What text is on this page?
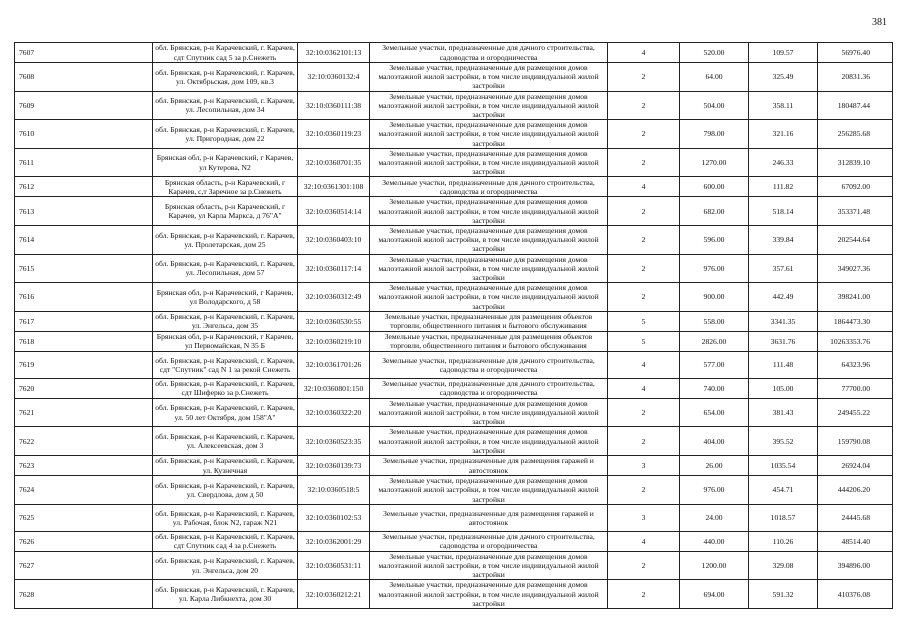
381
7607	обл. Брянская, р-н Карачевский, г. Карачев, сдт Спутник сад 5 за р.Снежеть	32:10:0362101:13	Земельные участки, предназначенные для дачного строительства, садоводства и огородничества	4	520.00	109.57	56976.40
7608	обл. Брянская, р-н Карачевский, г. Карачев, ул. Октябрьская, дом 109, кв.3	32:10:0360132:4	Земельные участки, предназначенные для размещения домов малоэтажной жилой застройки, в том числе индивидуальной жилой застройки	2	64.00	325.49	20831.36
7609	обл. Брянская, р-н Карачевский, г. Карачев, ул. Лесопильная, дом 34	32:10:0360111:38	Земельные участки, предназначенные для размещения домов малоэтажной жилой застройки, в том числе индивидуальной жилой застройки	2	504.00	358.11	180487.44
7610	обл. Брянская, р-н Карачевский, г. Карачев, ул. Пригородная, дом 22	32:10:0360119:23	Земельные участки, предназначенные для размещения домов малоэтажной жилой застройки, в том числе индивидуальной жилой застройки	2	798.00	321.16	256285.68
7611	Брянская обл, р-н Карачевский, г Карачев, ул Кутерова, N2	32:10:0360701:35	Земельные участки, предназначенные для размещения домов малоэтажной жилой застройки, в том числе индивидуальной жилой застройки	2	1270.00	246.33	312839.10
7612	Брянская область, р-н Карачевский, г Карачев, с,т Заречное за р.Снежеть	32:10:0361301:108	Земельные участки, предназначенные для дачного строительства, садоводства и огородничества	4	600.00	111.82	67092.00
7613	Брянская область, р-н Карачевский, г Карачев, ул Карла Маркса, д 76"А"	32:10:0360514:14	Земельные участки, предназначенные для размещения домов малоэтажной жилой застройки, в том числе индивидуальной жилой застройки	2	682.00	518.14	353371.48
7614	обл. Брянская, р-н Карачевский, г. Карачев, ул. Пролетарская, дом 25	32:10:0360403:10	Земельные участки, предназначенные для размещения домов малоэтажной жилой застройки, в том числе индивидуальной жилой застройки	2	596.00	339.84	202544.64
7615	обл. Брянская, р-н Карачевский, г. Карачев, ул. Лесопильная, дом 57	32:10:0360117:14	Земельные участки, предназначенные для размещения домов малоэтажной жилой застройки, в том числе индивидуальной жилой застройки	2	976.00	357.61	349027.36
7616	Брянская обл, р-н Карачевский, г Карачев, ул Володарского, д 58	32:10:0360312:49	Земельные участки, предназначенные для размещения домов малоэтажной жилой застройки, в том числе индивидуальной жилой застройки	2	900.00	442.49	398241.00
7617	обл. Брянская, р-н Карачевский, г. Карачев, ул. Энгельса, дом 35	32:10:0360530:55	Земельные участки, предназначенные для размещения объектов торговли, общественного питания и бытового обслуживания	5	558.00	3341.35	1864473.30
7618	Брянская обл, р-н Карачевский, г Карачев, ул Первомайская, N 35 Б	32:10:0360219:10	Земельные участки, предназначенные для размещения объектов торговли, общественного питания и бытового обслуживания	5	2826.00	3631.76	10263353.76
7619	обл. Брянская, р-н Карачевский, г. Карачев, сдт "Спутник" сад N 1 за рекой Снежеть	32:10:0361701:26	Земельные участки, предназначенные для дачного строительства, садоводства и огородничества	4	577.00	111.48	64323.96
7620	обл. Брянская, р-н Карачевский, г. Карачев, сдт Шиферко за р.Снежеть	32:10:0360801:150	Земельные участки, предназначенные для дачного строительства, садоводства и огородничества	4	740.00	105.00	77700.00
7621	обл. Брянская, р-н Карачевский, г. Карачев, ул. 50 лет Октября, дом 158"А"	32:10:0360322:20	Земельные участки, предназначенные для размещения домов малоэтажной жилой застройки, в том числе индивидуальной жилой застройки	2	654.00	381.43	249455.22
7622	обл. Брянская, р-н Карачевский, г. Карачев, ул. Алексеевская, дом 3	32:10:0360523:35	Земельные участки, предназначенные для размещения домов малоэтажной жилой застройки, в том числе индивидуальной жилой застройки	2	404.00	395.52	159790.08
7623	обл. Брянская, р-н Карачевский, г. Карачев, ул. Кузнечная	32:10:0360139:73	Земельные участки, предназначенные для размещения гаражей и автостоянок	3	26.00	1035.54	26924.04
7624	обл. Брянская, р-н Карачевский, г. Карачев, ул. Свердлова, дом д 50	32:10:0360518:5	Земельные участки, предназначенные для размещения домов малоэтажной жилой застройки, в том числе индивидуальной жилой застройки	2	976.00	454.71	444206.20
7625	обл. Брянская, р-н Карачевский, г. Карачев, ул. Рабочая, блок N2, гараж N21	32:10:0360102:53	Земельные участки, предназначенные для размещения гаражей и автостоянок	3	24.00	1018.57	24445.68
7626	обл. Брянская, р-н Карачевский, г. Карачев, сдт Спутник сад 4 за р.Снежеть	32:10:0362001:29	Земельные участки, предназначенные для дачного строительства, садоводства и огородничества	4	440.00	110.26	48514.40
7627	обл. Брянская, р-н Карачевский, г. Карачев, ул. Энгельса, дом 20	32:10:0360531:11	Земельные участки, предназначенные для размещения домов малоэтажной жилой застройки, в том числе индивидуальной жилой застройки	2	1200.00	329.08	394896.00
7628	обл. Брянская, р-н Карачевский, г. Карачев, ул. Карла Либкнехта, дом 30	32:10:0360212:21	Земельные участки, предназначенные для размещения домов малоэтажной жилой застройки, в том числе индивидуальной жилой застройки	2	694.00	591.32	410376.08
